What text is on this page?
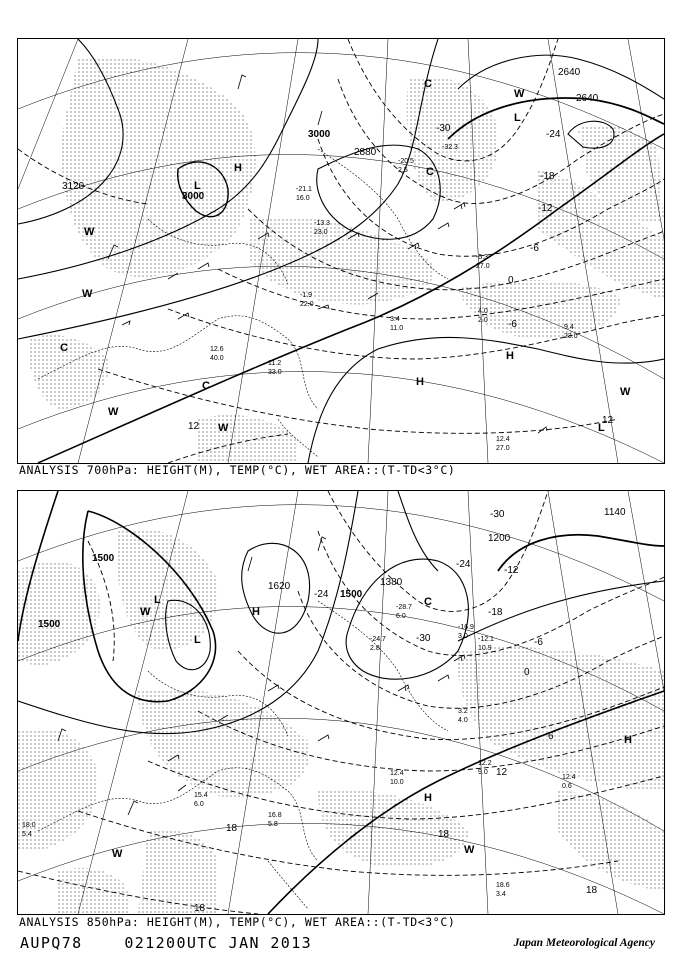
3120
3000
3000
2880
2640
2640
-30
-24
-18
-12
-6
0
-6
12
12
L
L
L
H
H
H
C
C
C
C
W
W
W
W
W
W
-5.3
27.0
-1.9
22.0
3.4
11.0	9.4
23.0
11.2
33.0
12.4
27.0
12.6
40.0
4.0
2.0
-20.5
2.5
-32.3
-21.1
16.0
-13.3
23.0
ANALYSIS 700hPa: HEIGHT(M), TEMP(°C), WET AREA::(T-TD<3°C)
1500
1500
1500
1620	1380
1200
1140
-30
-30
-24
-24
-18
-12
-6
0
6
12
18
18
18
18
L
L
H
H
H
W
W	W
C
-16.9
3.0 -12.1
10.9
3.2
4.0
12.2
9.0
12.4
0.6
12.4
10.0
15.4
6.0
16.8
5.8
18.0
5.4
18.6
3.4
-28.7
6.0
-24.7
2.8
ANALYSIS 850hPa: HEIGHT(M), TEMP(°C), WET AREA::(T-TD<3°C)
AUPQ78	021200UTC JAN 2013	Japan Meteorological Agency
